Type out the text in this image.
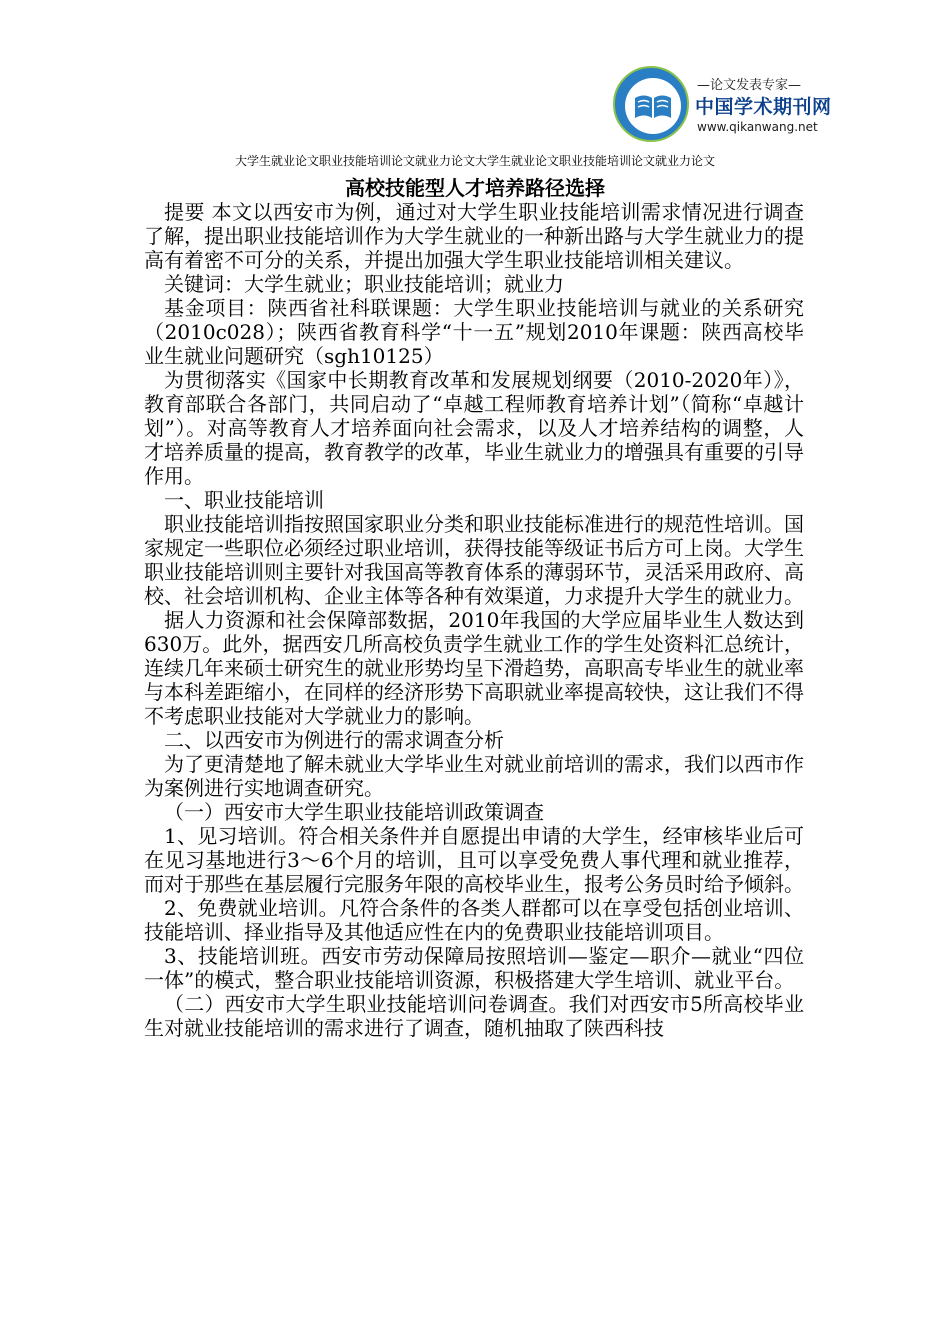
—论文发表专家—
中国学术期刊网
www.qikanwang.net
大学生就业论文职业技能培训论文就业力论文大学生就业论文职业技能培训论文就业力论文
高校技能型人才培养路径选择

提要 本文以西安市为例，通过对大学生职业技能培训需求情况进行调查了解，提出职业技能培训作为大学生就业的一种新出路与大学生就业力的提高有着密不可分的关系，并提出加强大学生职业技能培训相关建议。

关键词：大学生就业；职业技能培训；就业力

基金项目：陕西省社科联课题：大学生职业技能培训与就业的关系研究（2010c028）；陕西省教育科学“十一五”规划2010年课题：陕西高校毕业生就业问题研究（sgh10125）

为贯彻落实《国家中长期教育改革和发展规划纲要（2010-2020年）》，教育部联合各部门，共同启动了“卓越工程师教育培养计划”（简称“卓越计划”）。对高等教育人才培养面向社会需求，以及人才培养结构的调整，人才培养质量的提高，教育教学的改革，毕业生就业力的增强具有重要的引导作用。

一、职业技能培训

职业技能培训指按照国家职业分类和职业技能标准进行的规范性培训。国家规定一些职位必须经过职业培训，获得技能等级证书后方可上岗。大学生职业技能培训则主要针对我国高等教育体系的薄弱环节，灵活采用政府、高校、社会培训机构、企业主体等各种有效渠道，力求提升大学生的就业力。

据人力资源和社会保障部数据，2010年我国的大学应届毕业生人数达到630万。此外，据西安几所高校负责学生就业工作的学生处资料汇总统计，连续几年来硕士研究生的就业形势均呈下滑趋势，高职高专毕业生的就业率与本科差距缩小，在同样的经济形势下高职就业率提高较快，这让我们不得不考虑职业技能对大学就业力的影响。

二、以西安市为例进行的需求调查分析

为了更清楚地了解未就业大学毕业生对就业前培训的需求，我们以西市作为案例进行实地调查研究。

（一）西安市大学生职业技能培训政策调查

1、见习培训。符合相关条件并自愿提出申请的大学生，经审核毕业后可在见习基地进行3～6个月的培训，且可以享受免费人事代理和就业推荐，而对于那些在基层履行完服务年限的高校毕业生，报考公务员时给予倾斜。

2、免费就业培训。凡符合条件的各类人群都可以在享受包括创业培训、技能培训、择业指导及其他适应性在内的免费职业技能培训项目。

3、技能培训班。西安市劳动保障局按照培训—鉴定—职介—就业“四位一体”的模式，整合职业技能培训资源，积极搭建大学生培训、就业平台。

（二）西安市大学生职业技能培训问卷调查。我们对西安市5所高校毕业生对就业技能培训的需求进行了调查，随机抽取了陕西科技
